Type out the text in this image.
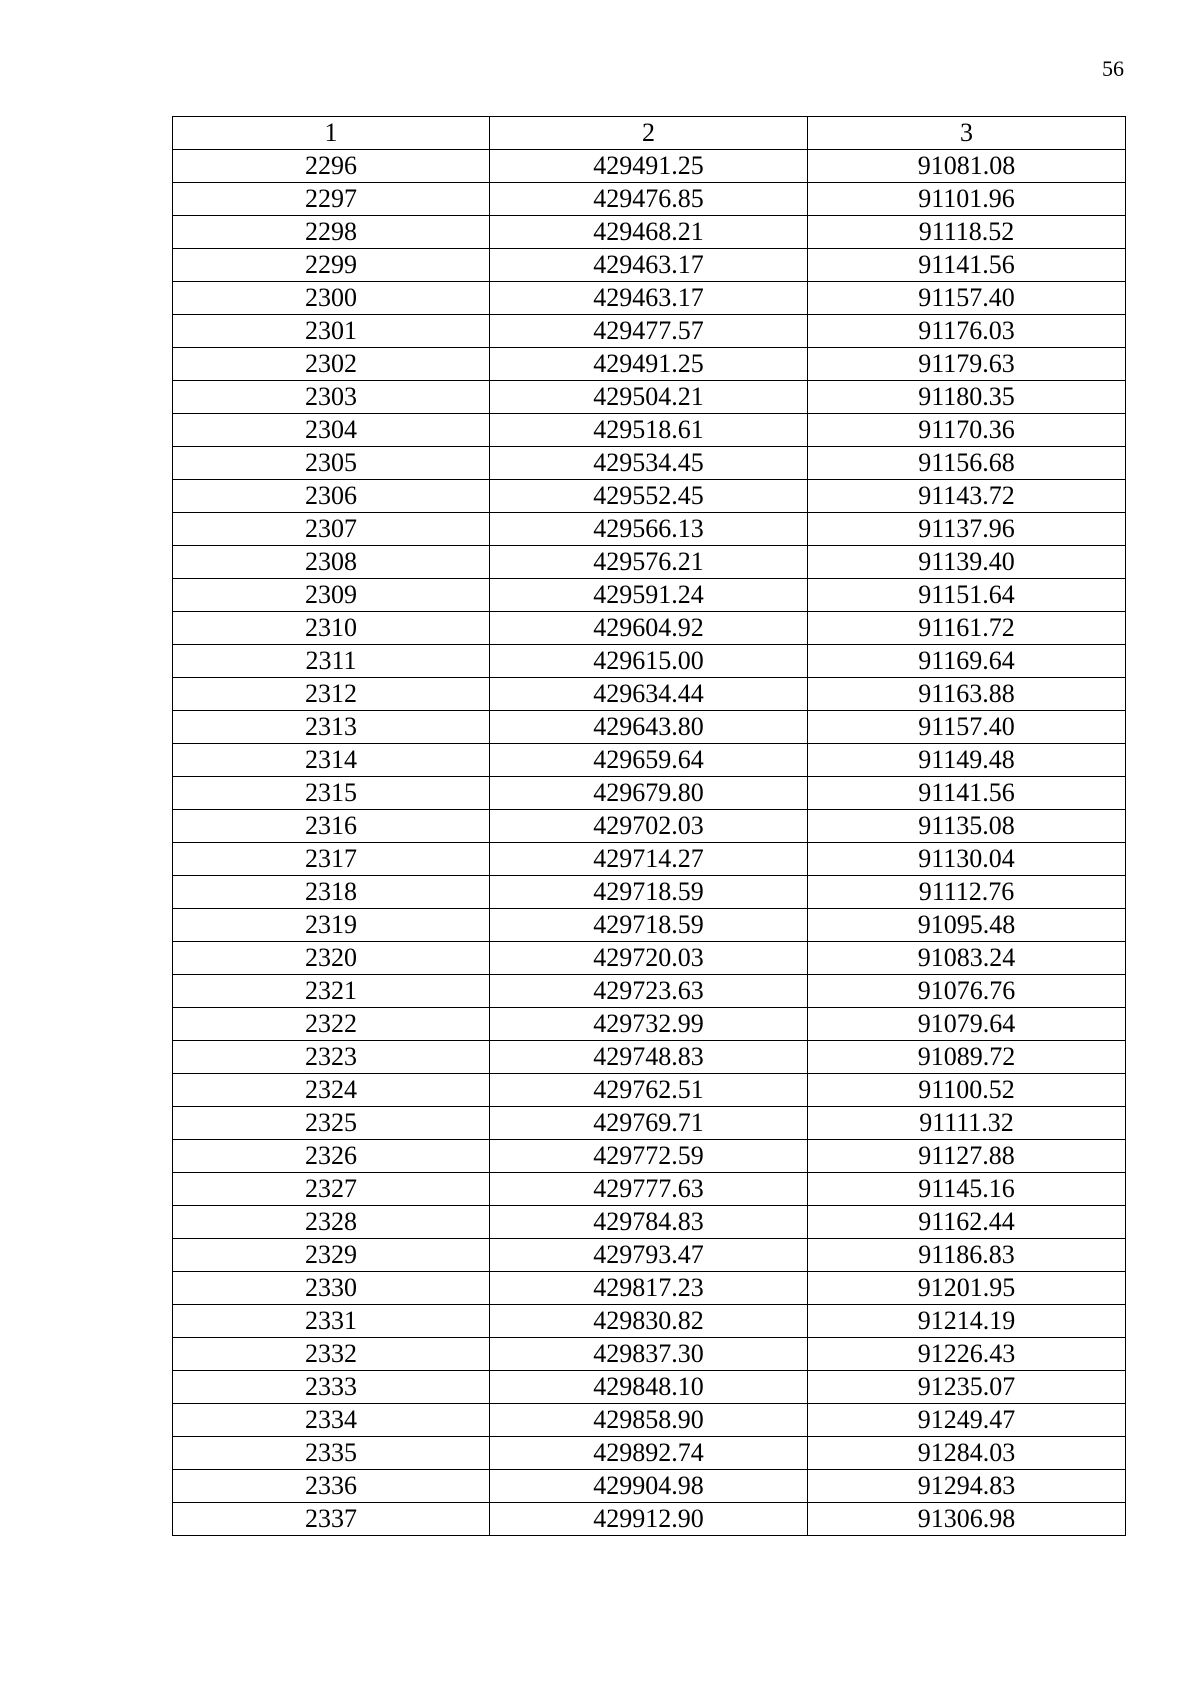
56
1	2	3
2296	429491.25	91081.08
2297	429476.85	91101.96
2298	429468.21	91118.52
2299	429463.17	91141.56
2300	429463.17	91157.40
2301	429477.57	91176.03
2302	429491.25	91179.63
2303	429504.21	91180.35
2304	429518.61	91170.36
2305	429534.45	91156.68
2306	429552.45	91143.72
2307	429566.13	91137.96
2308	429576.21	91139.40
2309	429591.24	91151.64
2310	429604.92	91161.72
2311	429615.00	91169.64
2312	429634.44	91163.88
2313	429643.80	91157.40
2314	429659.64	91149.48
2315	429679.80	91141.56
2316	429702.03	91135.08
2317	429714.27	91130.04
2318	429718.59	91112.76
2319	429718.59	91095.48
2320	429720.03	91083.24
2321	429723.63	91076.76
2322	429732.99	91079.64
2323	429748.83	91089.72
2324	429762.51	91100.52
2325	429769.71	91111.32
2326	429772.59	91127.88
2327	429777.63	91145.16
2328	429784.83	91162.44
2329	429793.47	91186.83
2330	429817.23	91201.95
2331	429830.82	91214.19
2332	429837.30	91226.43
2333	429848.10	91235.07
2334	429858.90	91249.47
2335	429892.74	91284.03
2336	429904.98	91294.83
2337	429912.90	91306.98
